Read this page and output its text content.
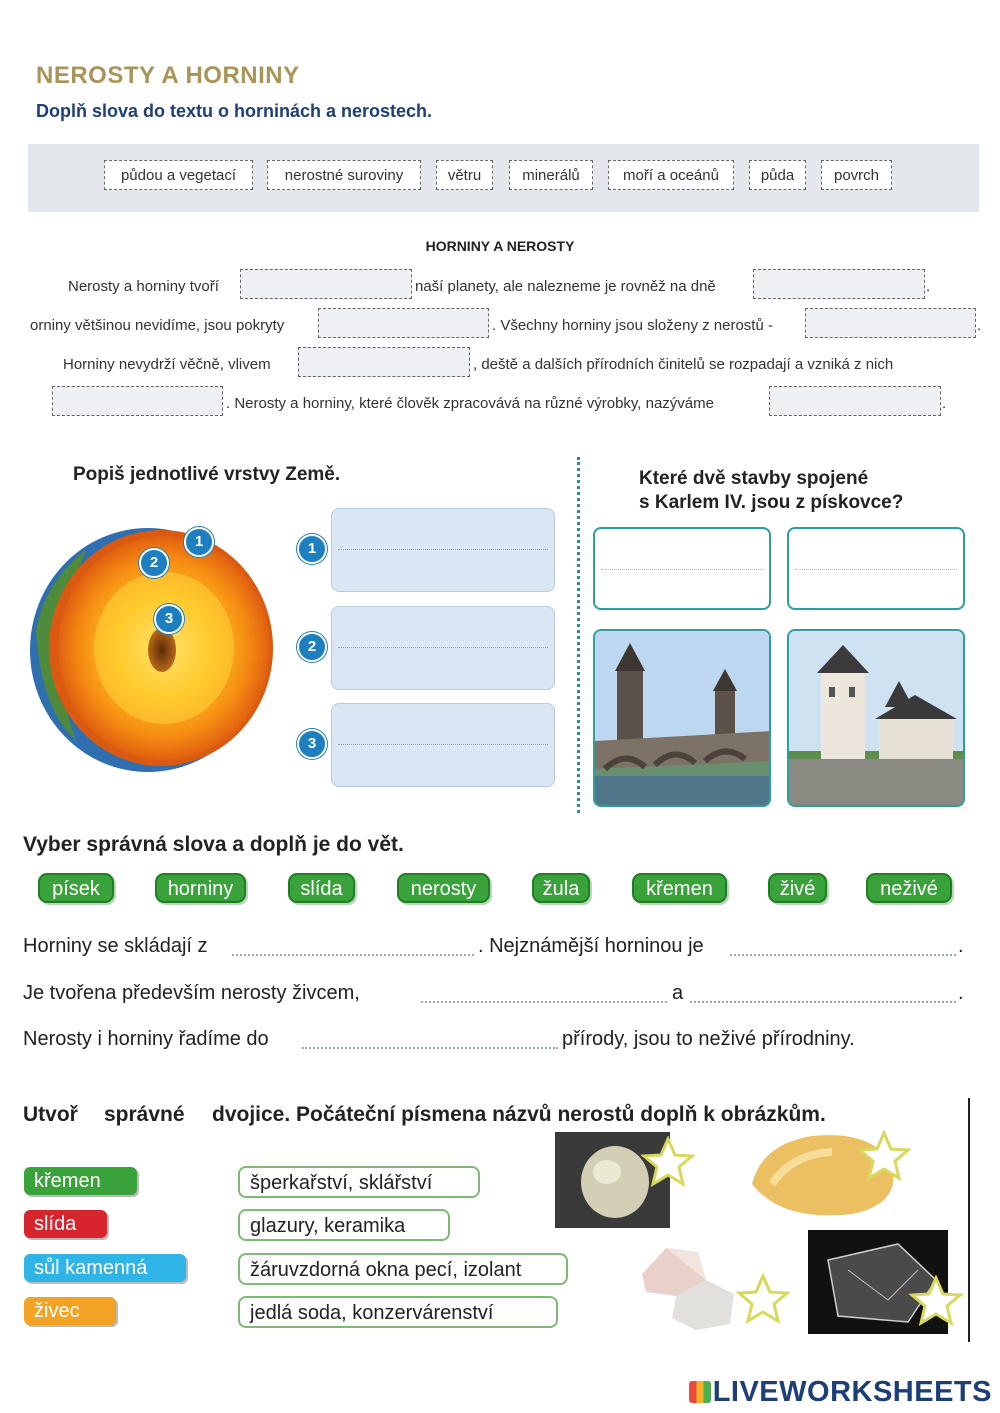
NEROSTY A HORNINY
Doplň slova do textu o horninách a nerostech.
půdou a vegetací	nerostné suroviny	větru	minerálů	moří a oceánů	půda	povrch
HORNINY A NEROSTY
Nerosty a horniny tvoří	naší planety, ale nalezneme je rovněž na dně	.
orniny většinou nevidíme, jsou pokryty	. Všechny horniny jsou složeny z nerostů -	.
Horniny nevydrží věčně, vlivem	, deště a dalších přírodních činitelů se rozpadají a vzniká z nich
. Nerosty a horniny, které člověk zpracovává na různé výrobky, nazýváme	.
Popiš jednotlivé vrstvy Země.
1
2
3
1
2
3
Které dvě stavby spojené
s Karlem IV. jsou z pískovce?
Vyber správná slova a doplň je do vět.
písek	horniny	slída	nerosty	žula	křemen	živé	neživé
Horniny se skládají z	. Nejznámější horninou je	.
Je tvořena především nerosty živcem,	a	.
Nerosty i horniny řadíme do	přírody, jsou to neživé přírodniny.
Utvoř správné dvojice. Počáteční písmena názvů nerostů doplň k obrázkům.
křemen
slída
sůl kamenná
živec
šperkařství, sklářství
glazury, keramika
žáruvzdorná okna pecí, izolant
jedlá soda, konzervárenství
LIVEWORKSHEETS
